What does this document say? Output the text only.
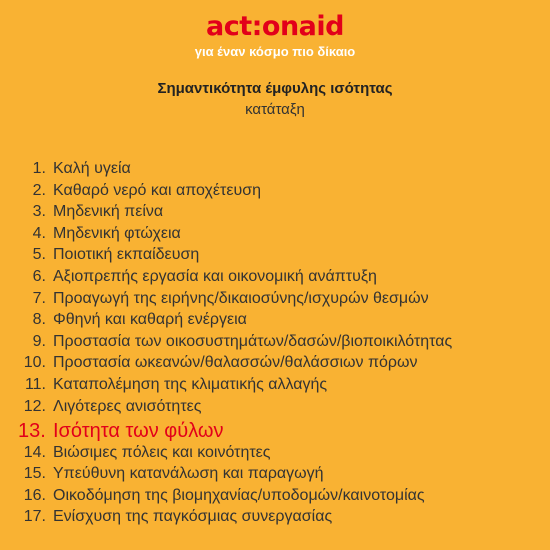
act:onaid
για έναν κόσμο πιο δίκαιο
Σημαντικότητα έμφυλης ισότητας
κατάταξη
1. Καλή υγεία
2. Καθαρό νερό και αποχέτευση
3. Μηδενική πείνα
4. Μηδενική φτώχεια
5. Ποιοτική εκπαίδευση
6. Αξιοπρεπής εργασία και οικονομική ανάπτυξη
7. Προαγωγή της ειρήνης/δικαιοσύνης/ισχυρών θεσμών
8. Φθηνή και καθαρή ενέργεια
9. Προστασία των οικοσυστημάτων/δασών/βιοποικιλότητας
10. Προστασία ωκεανών/θαλασσών/θαλάσσιων πόρων
11. Καταπολέμηση της κλιματικής αλλαγής
12. Λιγότερες ανισότητες
13. Ισότητα των φύλων
14. Βιώσιμες πόλεις και κοινότητες
15. Υπεύθυνη κατανάλωση και παραγωγή
16. Οικοδόμηση της βιομηχανίας/υποδομών/καινοτομίας
17. Ενίσχυση της παγκόσμιας συνεργασίας
